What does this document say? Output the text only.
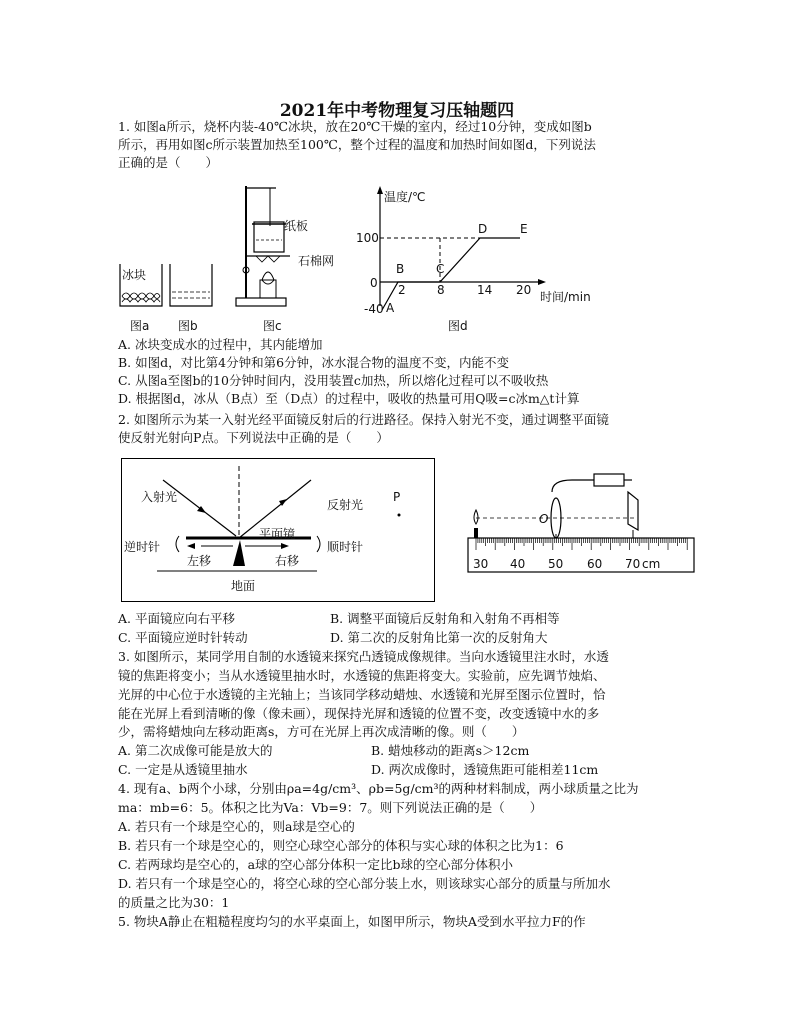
2021年中考物理复习压轴题四
1. 如图a所示，烧杯内装-40℃冰块，放在20℃干燥的室内，经过10分钟，变成如图b
所示，再用如图c所示装置加热至100℃，整个过程的温度和加热时间如图d，下列说法
正确的是（　　）
冰块
图a 图b
纸板
石棉网
图c
温度/℃
时间/min
100
0
-40
2	8	14 20
A
B	C
D	E
图d
A. 冰块变成水的过程中，其内能增加
B. 如图d，对比第4分钟和第6分钟，冰水混合物的温度不变，内能不变
C. 从图a至图b的10分钟时间内，没用装置c加热，所以熔化过程可以不吸收热
D. 根据图d，冰从（B点）至（D点）的过程中，吸收的热量可用Q吸=c冰m△t计算
2. 如图所示为某一入射光经平面镜反射后的行进路径。保持入射光不变，通过调整平面镜
使反射光射向P点。下列说法中正确的是（　　）
入射光
反射光
P
平面镜
逆时针	顺时针
左移	右移
地面
O
30 40 50 60 70 cm
A. 平面镜应向右平移	B. 调整平面镜后反射角和入射角不再相等
C. 平面镜应逆时针转动	D. 第二次的反射角比第一次的反射角大
3. 如图所示，某同学用自制的水透镜来探究凸透镜成像规律。当向水透镜里注水时，水透
镜的焦距将变小；当从水透镜里抽水时，水透镜的焦距将变大。实验前，应先调节烛焰、
光屏的中心位于水透镜的主光轴上；当该同学移动蜡烛、水透镜和光屏至图示位置时，恰
能在光屏上看到清晰的像（像未画），现保持光屏和透镜的位置不变，改变透镜中水的多
少，需将蜡烛向左移动距离s，方可在光屏上再次成清晰的像。则（　　）
A. 第二次成像可能是放大的	B. 蜡烛移动的距离s＞12cm
C. 一定是从透镜里抽水	D. 两次成像时，透镜焦距可能相差11cm
4. 现有a、b两个小球，分别由ρa=4g/cm³、ρb=5g/cm³的两种材料制成，两小球质量之比为
ma：mb=6：5。体积之比为Va：Vb=9：7。则下列说法正确的是（　　）
A. 若只有一个球是空心的，则a球是空心的
B. 若只有一个球是空心的，则空心球空心部分的体积与实心球的体积之比为1：6
C. 若两球均是空心的，a球的空心部分体积一定比b球的空心部分体积小
D. 若只有一个球是空心的，将空心球的空心部分装上水，则该球实心部分的质量与所加水
的质量之比为30：1
5. 物块A静止在粗糙程度均匀的水平桌面上，如图甲所示，物块A受到水平拉力F的作
